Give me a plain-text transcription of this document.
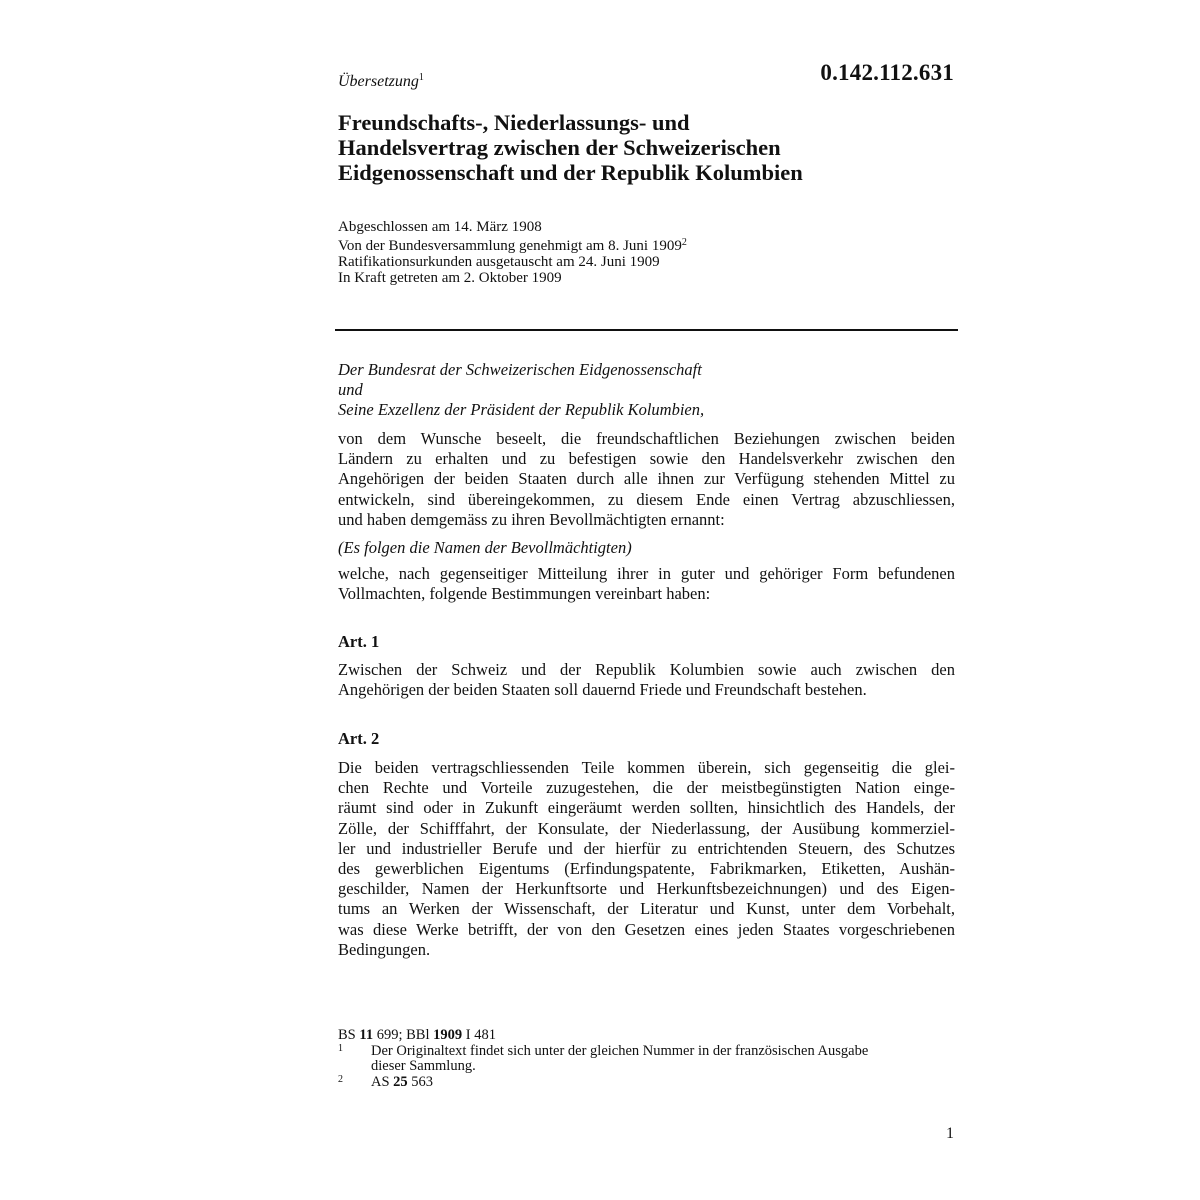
Übersetzung$^1$	0.142.112.631
Freundschafts-, Niederlassungs- und
Handelsvertrag zwischen der Schweizerischen
Eidgenossenschaft und der Republik Kolumbien
Abgeschlossen am 14. März 1908
Von der Bundesversammlung genehmigt am 8. Juni 1909$^2$
Ratifikationsurkunden ausgetauscht am 24. Juni 1909
In Kraft getreten am 2. Oktober 1909
Der Bundesrat der Schweizerischen Eidgenossenschaft
und
Seine Exzellenz der Präsident der Republik Kolumbien,
von dem Wunsche beseelt, die freundschaftlichen Beziehungen zwischen beiden
Ländern zu erhalten und zu befestigen sowie den Handelsverkehr zwischen den
Angehörigen der beiden Staaten durch alle ihnen zur Verfügung stehenden Mittel zu
entwickeln, sind übereingekommen, zu diesem Ende einen Vertrag abzuschliessen,
und haben demgemäss zu ihren Bevollmächtigten ernannt:
(Es folgen die Namen der Bevollmächtigten)
welche, nach gegenseitiger Mitteilung ihrer in guter und gehöriger Form befundenen
Vollmachten, folgende Bestimmungen vereinbart haben:
Art. 1
Zwischen der Schweiz und der Republik Kolumbien sowie auch zwischen den
Angehörigen der beiden Staaten soll dauernd Friede und Freundschaft bestehen.
Art. 2
Die beiden vertragschliessenden Teile kommen überein, sich gegenseitig die glei-
chen Rechte und Vorteile zuzugestehen, die der meistbegünstigten Nation einge-
räumt sind oder in Zukunft eingeräumt werden sollten, hinsichtlich des Handels, der
Zölle, der Schifffahrt, der Konsulate, der Niederlassung, der Ausübung kommerziel-
ler und industrieller Berufe und der hierfür zu entrichtenden Steuern, des Schutzes
des gewerblichen Eigentums (Erfindungspatente, Fabrikmarken, Etiketten, Aushän-
geschilder, Namen der Herkunftsorte und Herkunftsbezeichnungen) und des Eigen-
tums an Werken der Wissenschaft, der Literatur und Kunst, unter dem Vorbehalt,
was diese Werke betrifft, der von den Gesetzen eines jeden Staates vorgeschriebenen
Bedingungen.
BS 11 699; BBl 1909 I 481
1 Der Originaltext findet sich unter der gleichen Nummer in der französischen Ausgabe
dieser Sammlung.
2 AS 25 563
1
